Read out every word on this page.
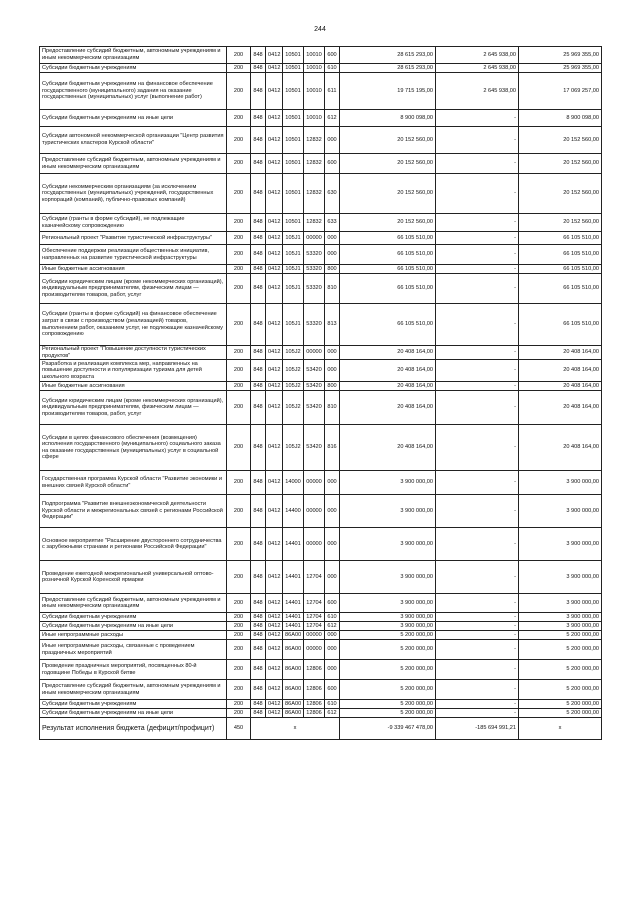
244
Предоставление субсидий бюджетным, автономным учреждениям и иным некоммерческим организациям	200	848	0412	10501	10010	600	28 615 293,00	2 645 938,00	25 969 355,00
Субсидии бюджетным учреждениям	200	848	0412	10501	10010	610	28 615 293,00	2 645 938,00	25 969 355,00
Субсидии бюджетным учреждениям на финансовое обеспечение государственного (муниципального) задания на оказание государственных (муниципальных) услуг (выполнение работ)	200	848	0412	10501	10010	611	19 715 195,00	2 645 938,00	17 069 257,00
Субсидии бюджетным учреждениям на иные цели	200	848	0412	10501	10010	612	8 900 098,00	-	8 900 098,00
Субсидии автономной некоммерческой организации "Центр развития туристических кластеров Курской области"	200	848	0412	10501	12832	000	20 152 560,00	-	20 152 560,00
Предоставление субсидий бюджетным, автономным учреждениям и иным некоммерческим организациям	200	848	0412	10501	12832	600	20 152 560,00	-	20 152 560,00
Субсидии некоммерческим организациям (за исключением государственных (муниципальных) учреждений, государственных корпораций (компаний), публично-правовых компаний)	200	848	0412	10501	12832	630	20 152 560,00	-	20 152 560,00
Субсидии (гранты в форме субсидий), не подлежащие казначейскому сопровождению	200	848	0412	10501	12832	633	20 152 560,00	-	20 152 560,00
Региональный проект "Развитие туристической инфраструктуры"	200	848	0412	105J1	00000	000	66 105 510,00	-	66 105 510,00
Обеспечение поддержки реализации общественных инициатив, направленных на развитие туристической инфраструктуры	200	848	0412	105J1	53320	000	66 105 510,00	-	66 105 510,00
Иные бюджетные ассигнования	200	848	0412	105J1	53320	800	66 105 510,00	-	66 105 510,00
Субсидии юридическим лицам (кроме некоммерческих организаций), индивидуальным предпринимателям, физическим лицам — производителям товаров, работ, услуг	200	848	0412	105J1	53320	810	66 105 510,00	-	66 105 510,00
Субсидии (гранты в форме субсидий) на финансовое обеспечение затрат в связи с производством (реализацией) товаров, выполнением работ, оказанием услуг, не подлежащие казначейскому сопровождению	200	848	0412	105J1	53320	813	66 105 510,00	-	66 105 510,00
Региональный проект "Повышение доступности туристических продуктов"	200	848	0412	105J2	00000	000	20 408 164,00	-	20 408 164,00
Разработка и реализация комплекса мер, направленных на повышение доступности и популяризации туризма для детей школьного возраста	200	848	0412	105J2	53420	000	20 408 164,00	-	20 408 164,00
Иные бюджетные ассигнования	200	848	0412	105J2	53420	800	20 408 164,00	-	20 408 164,00
Субсидии юридическим лицам (кроме некоммерческих организаций), индивидуальным предпринимателям, физическим лицам — производителям товаров, работ, услуг	200	848	0412	105J2	53420	810	20 408 164,00	-	20 408 164,00
Субсидии в целях финансового обеспечения (возмещения) исполнения государственного (муниципального) социального заказа на оказание государственных (муниципальных) услуг в социальной сфере	200	848	0412	105J2	53420	816	20 408 164,00	-	20 408 164,00
Государственная программа Курской области "Развитие экономики и внешних связей Курской области"	200	848	0412	14000	00000	000	3 900 000,00	-	3 900 000,00
Подпрограмма "Развитие внешнеэкономической деятельности Курской области и межрегиональных связей с регионами Российской Федерации"	200	848	0412	14400	00000	000	3 900 000,00	-	3 900 000,00
Основное мероприятие "Расширение двустороннего сотрудничества с зарубежными странами и регионами Российской Федерации"	200	848	0412	14401	00000	000	3 900 000,00	-	3 900 000,00
Проведение ежегодной межрегиональной универсальной оптово-розничной Курской Коренской ярмарки	200	848	0412	14401	12704	000	3 900 000,00	-	3 900 000,00
Предоставление субсидий бюджетным, автономным учреждениям и иным некоммерческим организациям	200	848	0412	14401	12704	600	3 900 000,00	-	3 900 000,00
Субсидии бюджетным учреждениям	200	848	0412	14401	12704	610	3 900 000,00	-	3 900 000,00
Субсидии бюджетным учреждениям на иные цели	200	848	0412	14401	12704	612	3 900 000,00	-	3 900 000,00
Иные непрограммные расходы	200	848	0412	86A00	00000	000	5 200 000,00	-	5 200 000,00
Иные непрограммные расходы, связанные с проведением праздничных мероприятий	200	848	0412	86A00	00000	000	5 200 000,00	-	5 200 000,00
Проведение праздничных мероприятий, посвященных 80-й годовщине Победы в Курской битве	200	848	0412	86A00	12806	000	5 200 000,00	-	5 200 000,00
Предоставление субсидий бюджетным, автономным учреждениям и иным некоммерческим организациям	200	848	0412	86A00	12806	600	5 200 000,00	-	5 200 000,00
Субсидии бюджетным учреждениям	200	848	0412	86A00	12806	610	5 200 000,00	-	5 200 000,00
Субсидии бюджетным учреждениям на иные цели	200	848	0412	86A00	12806	612	5 200 000,00	-	5 200 000,00
Результат исполнения бюджета (дефицит/профицит)	450	x					-9 339 467 478,00	-185 694 991,21	x
